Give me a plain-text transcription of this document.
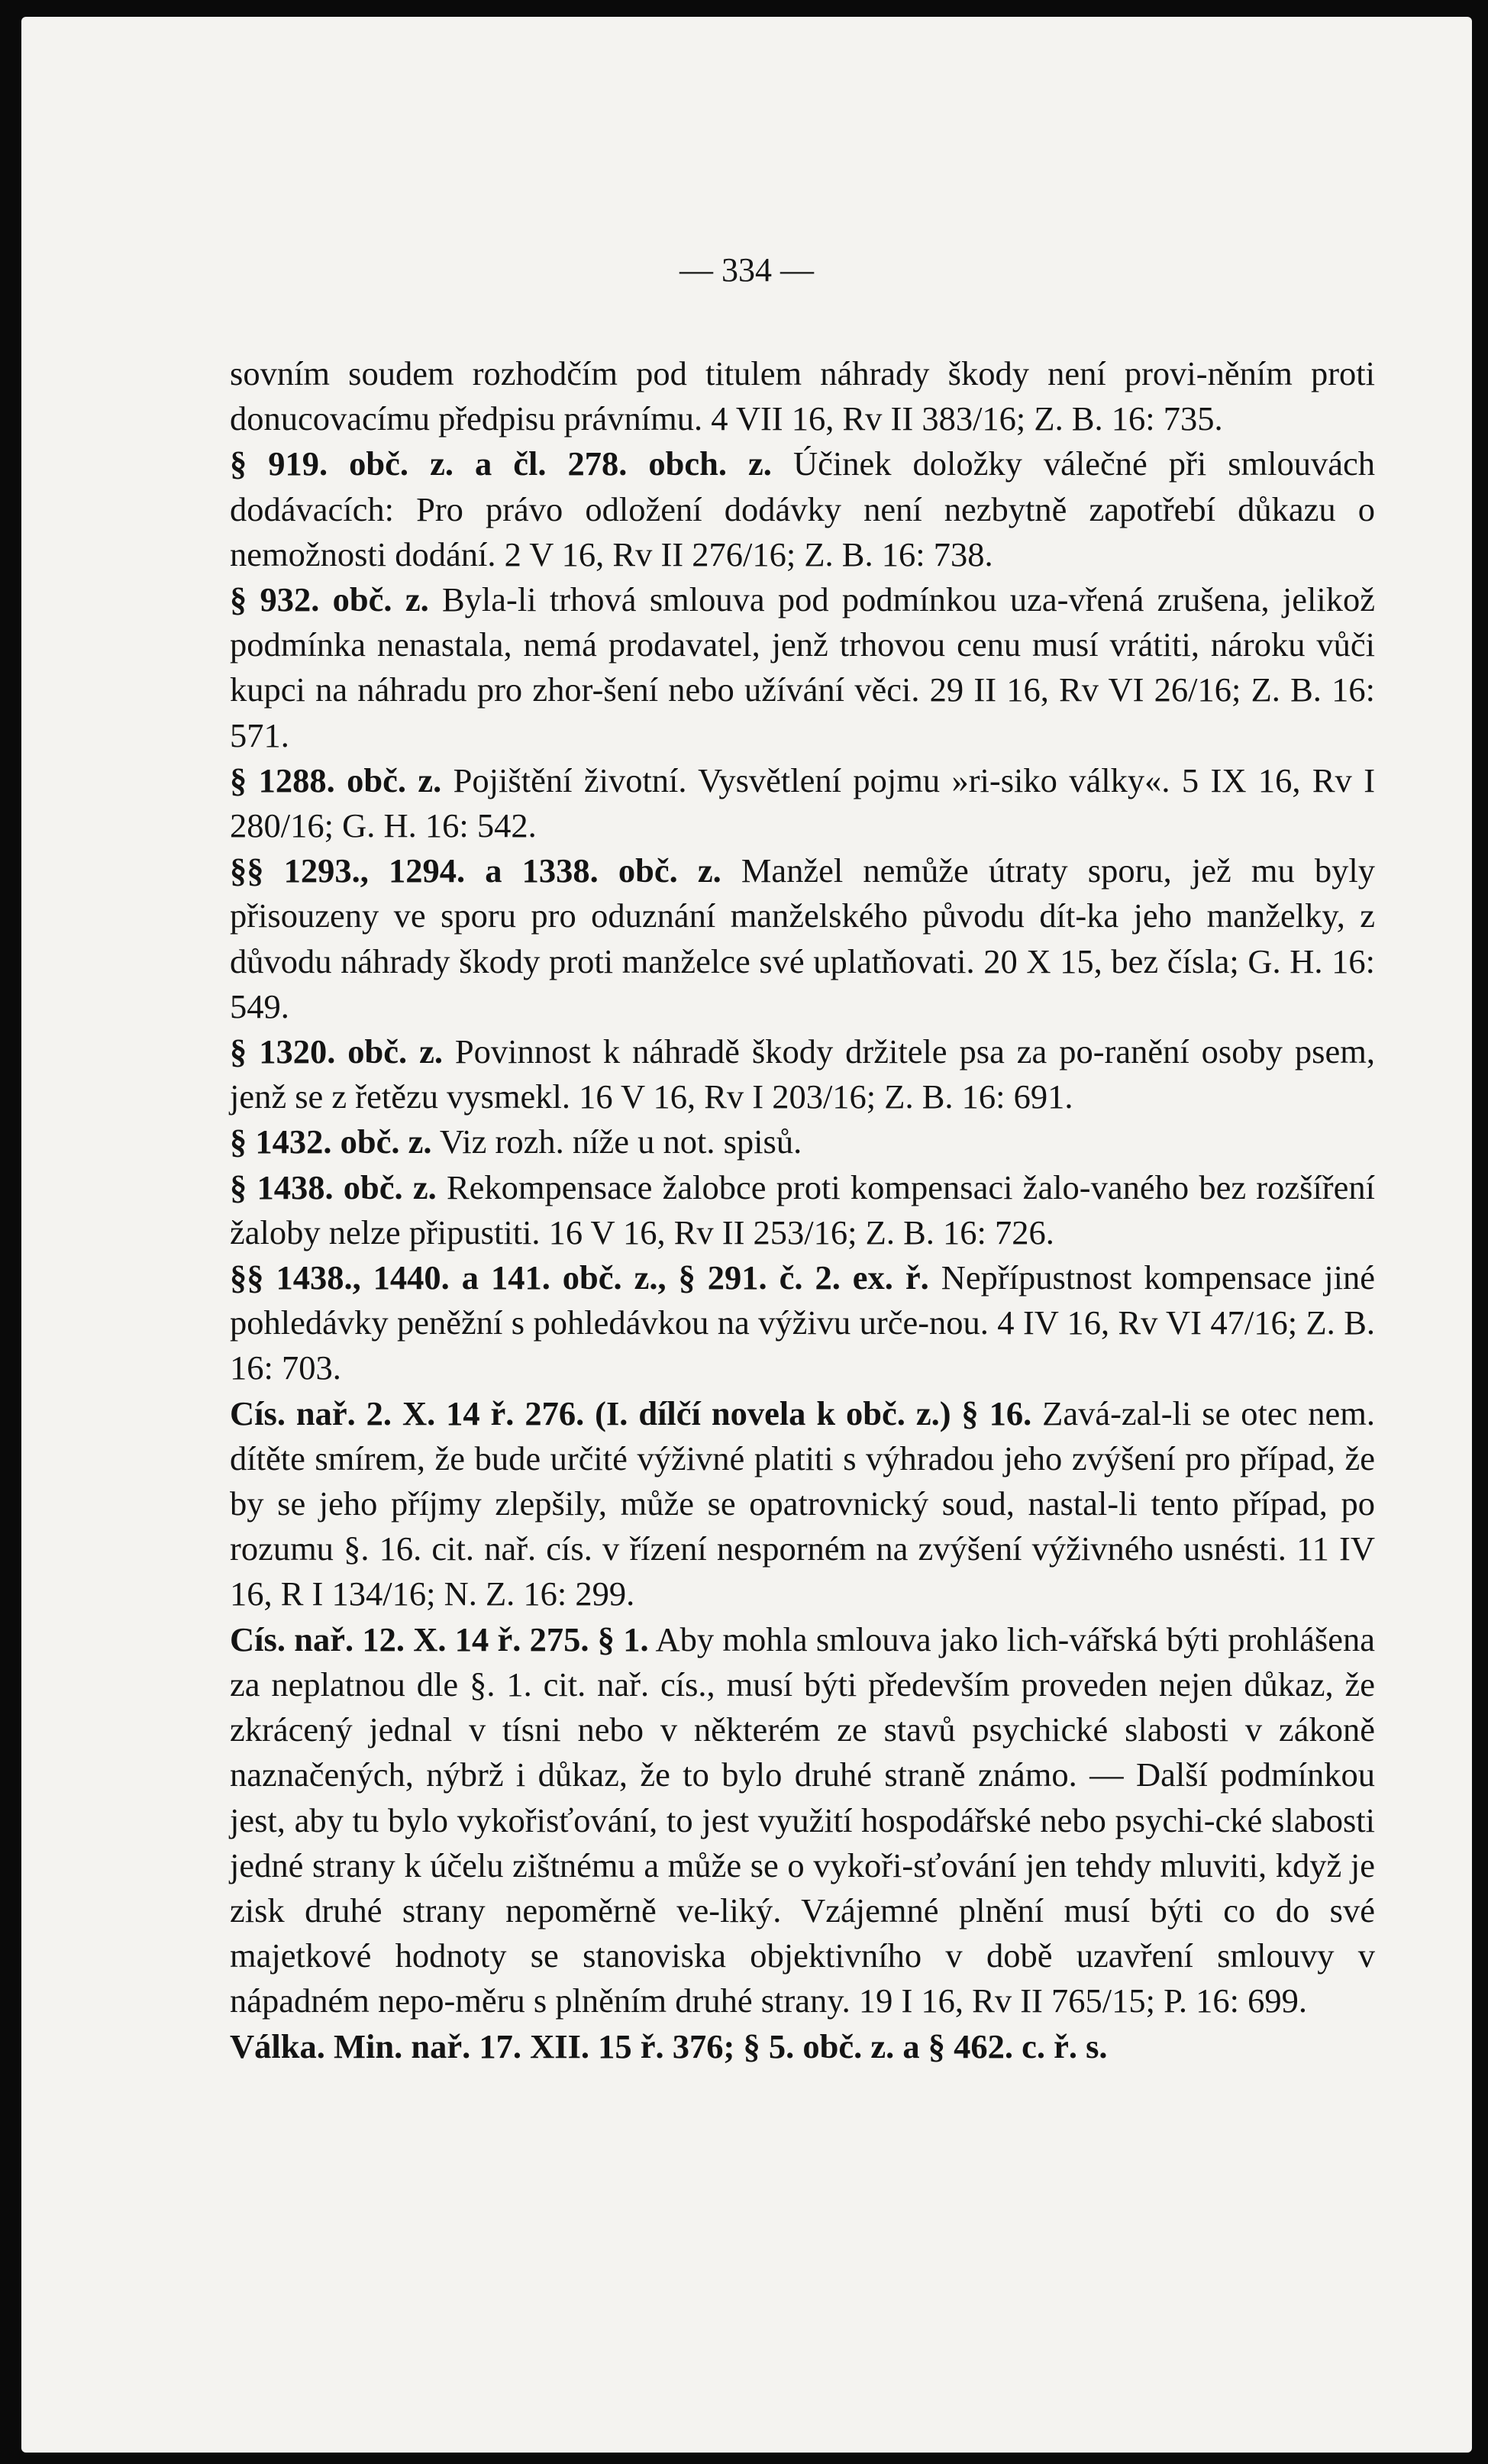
— 334 —

sovním soudem rozhodčím pod titulem náhrady škody není provi-něním proti donucovacímu předpisu právnímu. 4 VII 16, Rv II 383/16; Z. B. 16: 735.

§ 919. obč. z. a čl. 278. obch. z. Účinek doložky válečné při smlouvách dodávacích: Pro právo odložení dodávky není nezbytně zapotřebí důkazu o nemožnosti dodání. 2 V 16, Rv II 276/16; Z. B. 16: 738.

§ 932. obč. z. Byla-li trhová smlouva pod podmínkou uza-vřená zrušena, jelikož podmínka nenastala, nemá prodavatel, jenž trhovou cenu musí vrátiti, nároku vůči kupci na náhradu pro zhor-šení nebo užívání věci. 29 II 16, Rv VI 26/16; Z. B. 16: 571.

§ 1288. obč. z. Pojištění životní. Vysvětlení pojmu »ri-siko války«. 5 IX 16, Rv I 280/16; G. H. 16: 542.

§§ 1293., 1294. a 1338. obč. z. Manžel nemůže útraty sporu, jež mu byly přisouzeny ve sporu pro oduznání manželského původu dít-ka jeho manželky, z důvodu náhrady škody proti manželce své uplatňovati. 20 X 15, bez čísla; G. H. 16: 549.

§ 1320. obč. z. Povinnost k náhradě škody držitele psa za po-ranění osoby psem, jenž se z řetězu vysmekl. 16 V 16, Rv I 203/16; Z. B. 16: 691.

§ 1432. obč. z. Viz rozh. níže u not. spisů.

§ 1438. obč. z. Rekompensace žalobce proti kompensaci žalo-vaného bez rozšíření žaloby nelze připustiti. 16 V 16, Rv II 253/16; Z. B. 16: 726.

§§ 1438., 1440. a 141. obč. z., § 291. č. 2. ex. ř. Nepřípustnost kompensace jiné pohledávky peněžní s pohledávkou na výživu určе-nou. 4 IV 16, Rv VI 47/16; Z. B. 16: 703.

Cís. nař. 2. X. 14 ř. 276. (I. dílčí novela k obč. z.) § 16. Zavá-zal-li se otec nem. dítěte smírem, že bude určité výživné platiti s výhradou jeho zvýšení pro případ, že by se jeho příjmy zlepšily, může se opatrovnický soud, nastal-li tento případ, po rozumu §. 16. cit. nař. cís. v řízení nesporném na zvýšení výživného usnésti. 11 IV 16, R I 134/16; N. Z. 16: 299.

Cís. nař. 12. X. 14 ř. 275. § 1. Aby mohla smlouva jako lich-vářská býti prohlášena za neplatnou dle §. 1. cit. nař. cís., musí býti především proveden nejen důkaz, že zkrácený jednal v tísni nebo v některém ze stavů psychické slabosti v zákoně naznačených, nýbrž i důkaz, že to bylo druhé straně známo. — Další podmínkou jest, aby tu bylo vykořisťování, to jest využití hospodářské nebo psychi-cké slabosti jedné strany k účelu zištnému a může se o vykoři-sťování jen tehdy mluviti, když je zisk druhé strany nepoměrně ve-liký. Vzájemné plnění musí býti co do své majetkové hodnoty se stanoviska objektivního v době uzavření smlouvy v nápadném nepo-měru s plněním druhé strany. 19 I 16, Rv II 765/15; P. 16: 699.

Válka. Min. nař. 17. XII. 15 ř. 376; § 5. obč. z. a § 462. c. ř. s.
